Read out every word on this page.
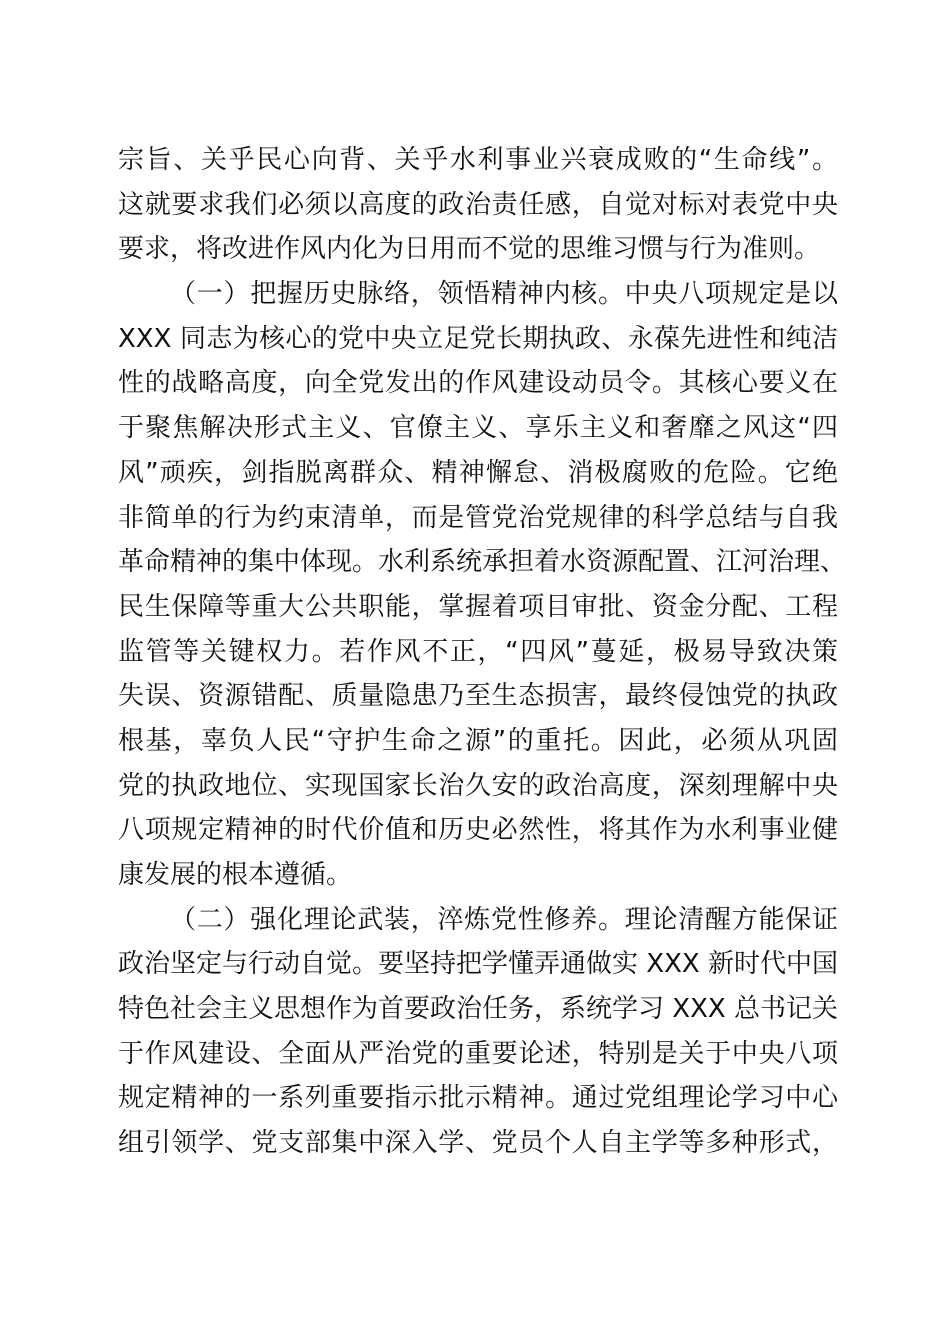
宗旨、关乎民心向背、关乎水利事业兴衰成败的“生命线”。
这就要求我们必须以高度的政治责任感，自觉对标对表党中央
要求，将改进作风内化为日用而不觉的思维习惯与行为准则。
（一）把握历史脉络，领悟精神内核。中央八项规定是以
XXX 同志为核心的党中央立足党长期执政、永葆先进性和纯洁
性的战略高度，向全党发出的作风建设动员令。其核心要义在
于聚焦解决形式主义、官僚主义、享乐主义和奢靡之风这“四
风”顽疾，剑指脱离群众、精神懈怠、消极腐败的危险。它绝
非简单的行为约束清单，而是管党治党规律的科学总结与自我
革命精神的集中体现。水利系统承担着水资源配置、江河治理、
民生保障等重大公共职能，掌握着项目审批、资金分配、工程
监管等关键权力。若作风不正，“四风”蔓延，极易导致决策
失误、资源错配、质量隐患乃至生态损害，最终侵蚀党的执政
根基，辜负人民“守护生命之源”的重托。因此，必须从巩固
党的执政地位、实现国家长治久安的政治高度，深刻理解中央
八项规定精神的时代价值和历史必然性，将其作为水利事业健
康发展的根本遵循。
（二）强化理论武装，淬炼党性修养。理论清醒方能保证
政治坚定与行动自觉。要坚持把学懂弄通做实 XXX 新时代中国
特色社会主义思想作为首要政治任务，系统学习 XXX 总书记关
于作风建设、全面从严治党的重要论述，特别是关于中央八项
规定精神的一系列重要指示批示精神。通过党组理论学习中心
组引领学、党支部集中深入学、党员个人自主学等多种形式，
